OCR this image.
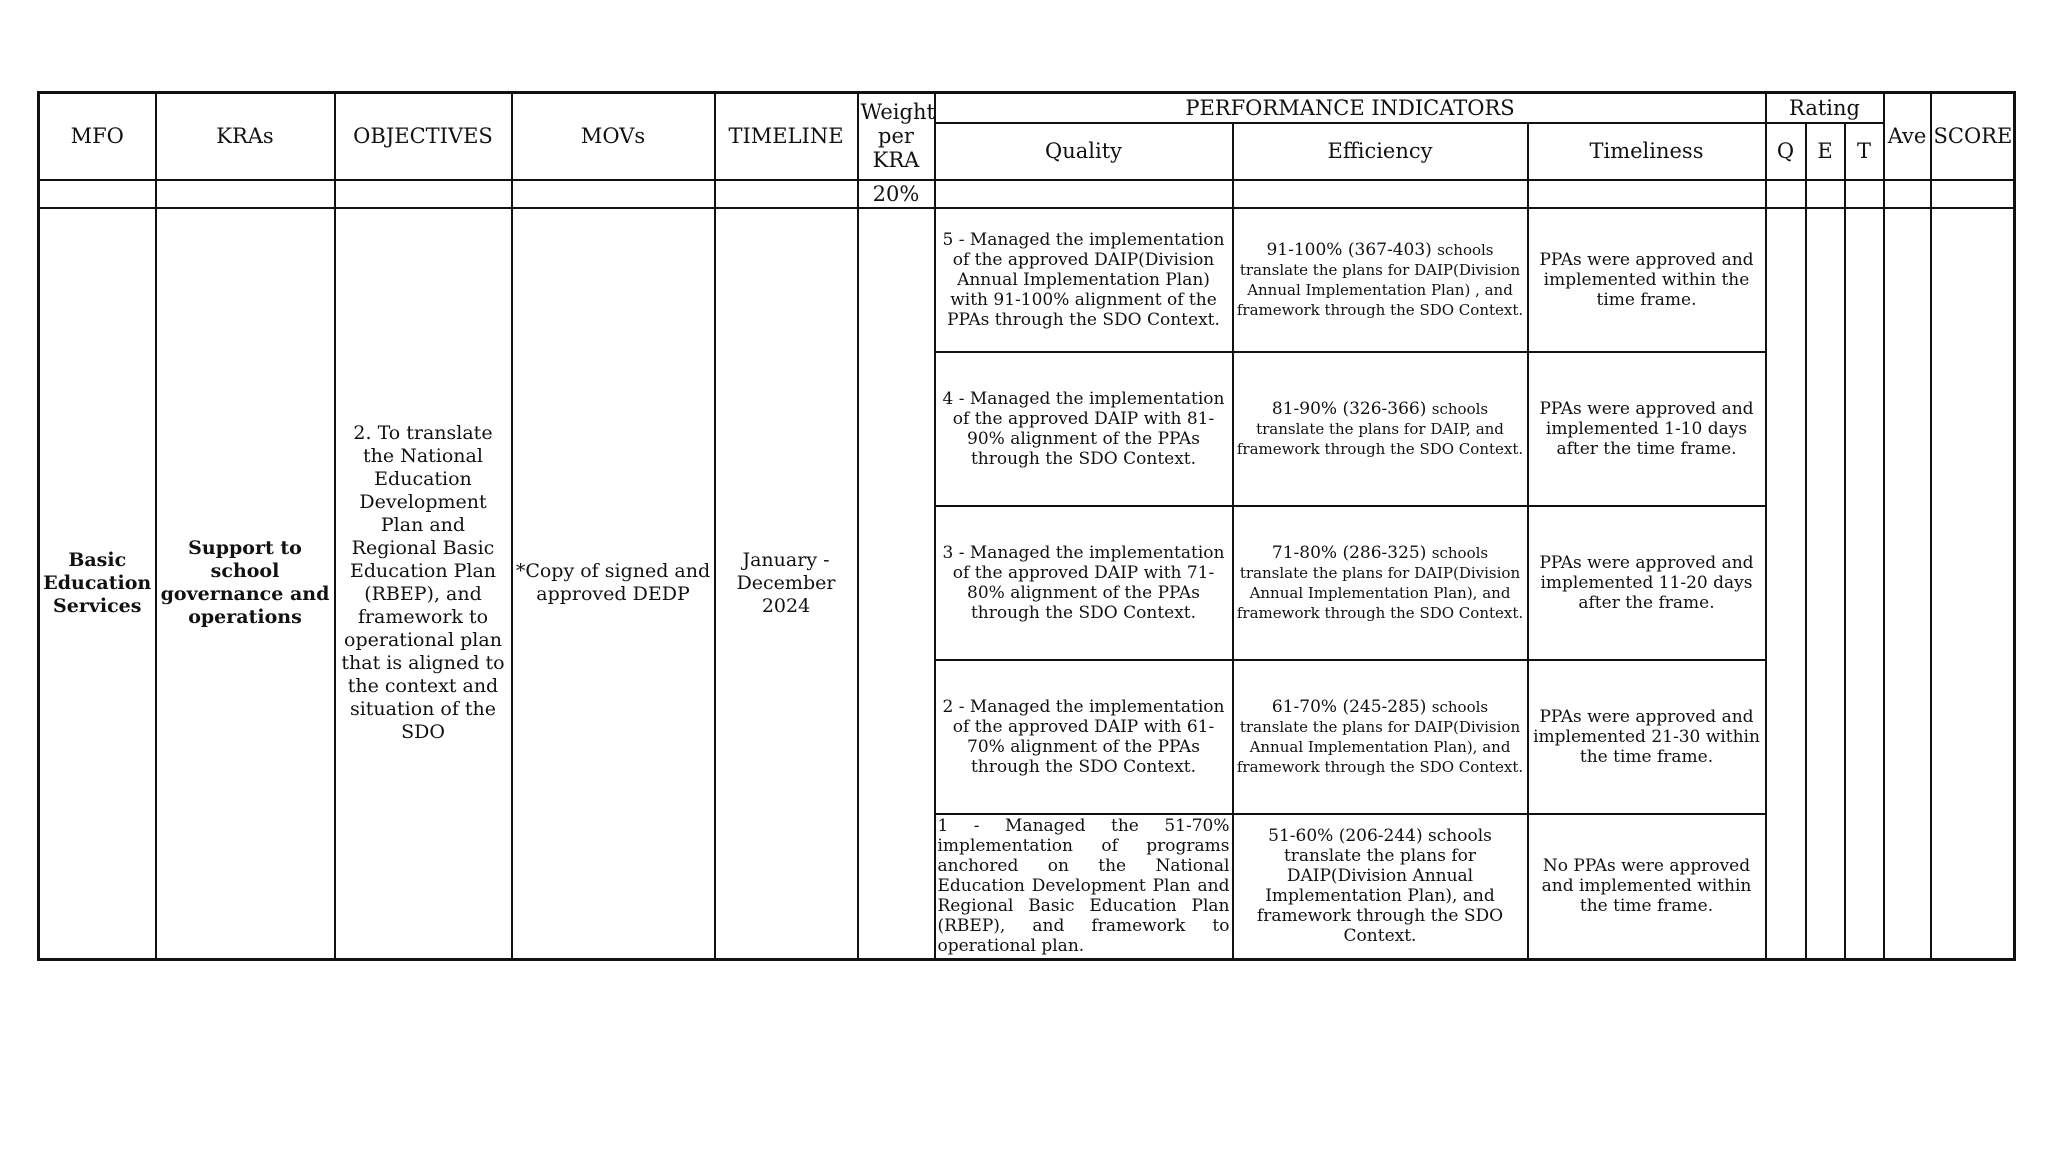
MFO	KRAs	OBJECTIVES	MOVs	TIMELINE	Weight per KRA	PERFORMANCE INDICATORS			Rating			Ave	SCORE
						Quality	Efficiency	Timeliness	Q	E	T		
					20%								
Basic Education Services	Support to school governance and operations	2. To translate the National Education Development Plan and Regional Basic Education Plan (RBEP), and framework to operational plan that is aligned to the context and situation of the SDO	*Copy of signed and approved DEDP	January - December 2024		5 - Managed the implementation of the approved DAIP(Division Annual Implementation Plan) with 91-100% alignment of the PPAs through the SDO Context.	91-100% (367-403) schools translate the plans for DAIP(Division Annual Implementation Plan) , and framework through the SDO Context.	PPAs were approved and implemented within the time frame.					
						4 - Managed the implementation of the approved DAIP with 81-90% alignment of the PPAs through the SDO Context.	81-90% (326-366) schools translate the plans for DAIP, and framework through the SDO Context.	PPAs were approved and implemented 1-10 days after the time frame.					
						3 - Managed the implementation of the approved DAIP with 71-80% alignment of the PPAs through the SDO Context.	71-80% (286-325) schools translate the plans for DAIP(Division Annual Implementation Plan), and framework through the SDO Context.	PPAs were approved and implemented 11-20 days after the frame.					
						2 - Managed the implementation of the approved DAIP with 61-70% alignment of the PPAs through the SDO Context.	61-70% (245-285) schools translate the plans for DAIP(Division Annual Implementation Plan), and framework through the SDO Context.	PPAs were approved and implemented 21-30 within the time frame.					
						1 - Managed the 51-70% implementation of programs anchored on the National Education Development Plan and Regional Basic Education Plan (RBEP), and framework to operational plan.	51-60% (206-244) schools translate the plans for DAIP(Division Annual Implementation Plan), and framework through the SDO Context.	No PPAs were approved and implemented within the time frame.					
